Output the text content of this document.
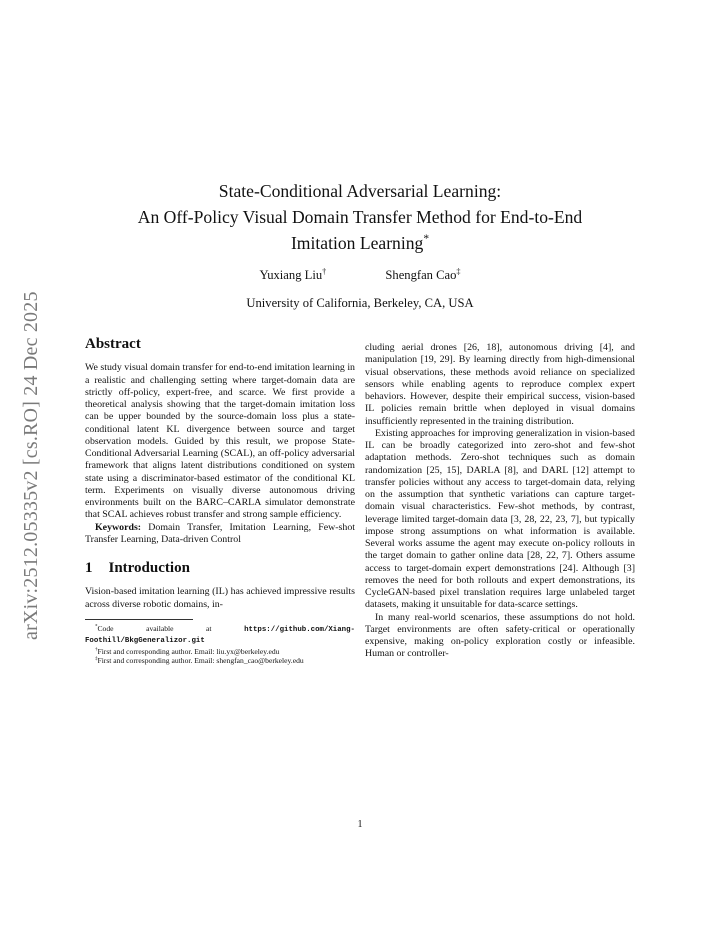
arXiv:2512.05335v2 [cs.RO] 24 Dec 2025
State-Conditional Adversarial Learning:
An Off-Policy Visual Domain Transfer Method for End-to-End
Imitation Learning*
Yuxiang Liu†	Shengfan Cao‡
University of California, Berkeley, CA, USA
Abstract

We study visual domain transfer for end-to-end imitation learning in a realistic and challenging setting where target-domain data are strictly off-policy, expert-free, and scarce. We first provide a theoretical analysis showing that the target-domain imitation loss can be upper bounded by the source-domain loss plus a state-conditional latent KL divergence between source and target observation models. Guided by this result, we propose State-Conditional Adversarial Learning (SCAL), an off-policy adversarial framework that aligns latent distributions conditioned on system state using a discriminator-based estimator of the conditional KL term. Experiments on visually diverse autonomous driving environments built on the BARC–CARLA simulator demonstrate that SCAL achieves robust transfer and strong sample efficiency.

Keywords: Domain Transfer, Imitation Learning, Few-shot Transfer Learning, Data-driven Control

1 Introduction

Vision-based imitation learning (IL) has achieved impressive results across diverse robotic domains, in-

*Code available at	https://github.com/Xiang-Foothill/BkgGeneralizor.git

†First and corresponding author. Email: liu.yx@berkeley.edu

‡First and corresponding author. Email: shengfan_cao@berkeley.edu

cluding aerial drones [26, 18], autonomous driving [4], and manipulation [19, 29]. By learning directly from high-dimensional visual observations, these methods avoid reliance on specialized sensors while enabling agents to reproduce complex expert behaviors. However, despite their empirical success, vision-based IL policies remain brittle when deployed in visual domains insufficiently represented in the training distribution.

Existing approaches for improving generalization in vision-based IL can be broadly categorized into zero-shot and few-shot adaptation methods. Zero-shot techniques such as domain randomization [25, 15], DARLA [8], and DARL [12] attempt to transfer policies without any access to target-domain data, relying on the assumption that synthetic variations can capture target-domain visual characteristics. Few-shot methods, by contrast, leverage limited target-domain data [3, 28, 22, 23, 7], but typically impose strong assumptions on what information is available. Several works assume the agent may execute on-policy rollouts in the target domain to gather online data [28, 22, 7]. Others assume access to target-domain expert demonstrations [24]. Although [3] removes the need for both rollouts and expert demonstrations, its CycleGAN-based pixel translation requires large unlabeled target datasets, making it unsuitable for data-scarce settings.

In many real-world scenarios, these assumptions do not hold. Target environments are often safety-critical or operationally expensive, making on-policy exploration costly or infeasible. Human or controller-

1
